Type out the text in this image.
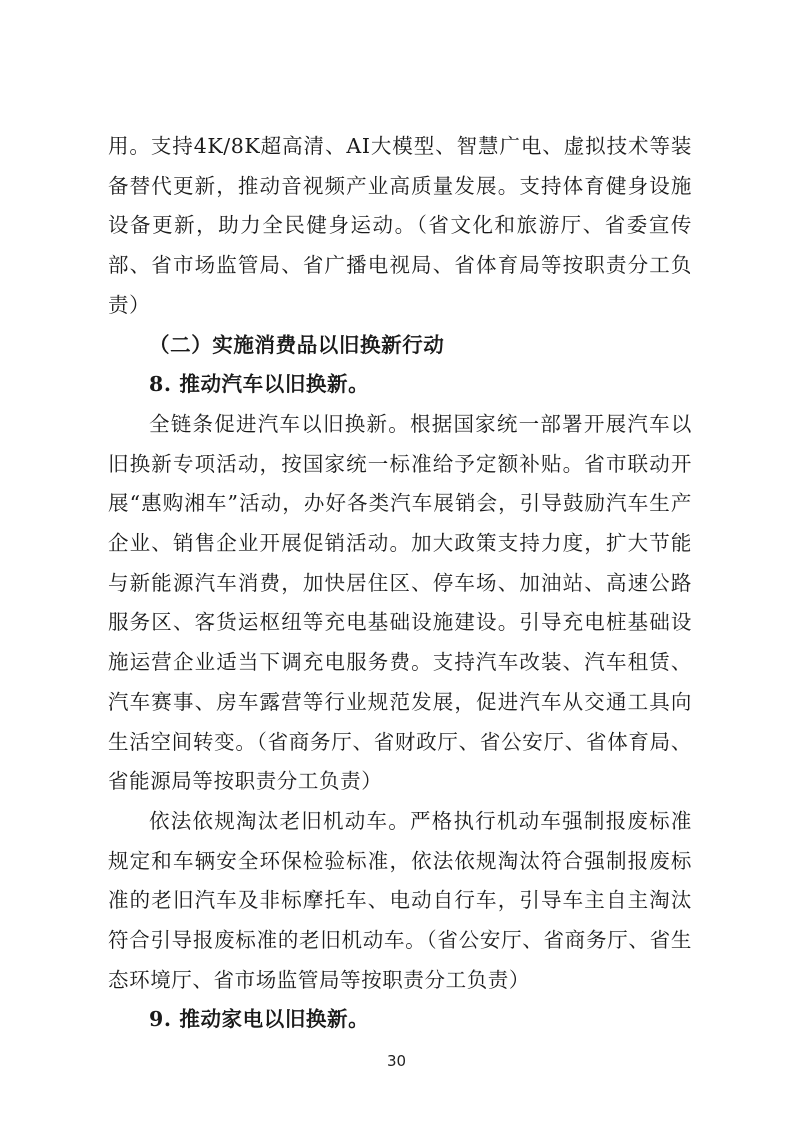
用。支持4K/8K超高清、AI大模型、智慧广电、虚拟技术等装备替代更新，推动音视频产业高质量发展。支持体育健身设施设备更新，助力全民健身运动。（省文化和旅游厅、省委宣传部、省市场监管局、省广播电视局、省体育局等按职责分工负责）

（二）实施消费品以旧换新行动

8. 推动汽车以旧换新。

全链条促进汽车以旧换新。根据国家统一部署开展汽车以旧换新专项活动，按国家统一标准给予定额补贴。省市联动开展“惠购湘车”活动，办好各类汽车展销会，引导鼓励汽车生产企业、销售企业开展促销活动。加大政策支持力度，扩大节能与新能源汽车消费，加快居住区、停车场、加油站、高速公路服务区、客货运枢纽等充电基础设施建设。引导充电桩基础设施运营企业适当下调充电服务费。支持汽车改装、汽车租赁、汽车赛事、房车露营等行业规范发展，促进汽车从交通工具向生活空间转变。（省商务厅、省财政厅、省公安厅、省体育局、省能源局等按职责分工负责）

依法依规淘汰老旧机动车。严格执行机动车强制报废标准规定和车辆安全环保检验标准，依法依规淘汰符合强制报废标准的老旧汽车及非标摩托车、电动自行车，引导车主自主淘汰符合引导报废标准的老旧机动车。（省公安厅、省商务厅、省生态环境厅、省市场监管局等按职责分工负责）

9. 推动家电以旧换新。

30
